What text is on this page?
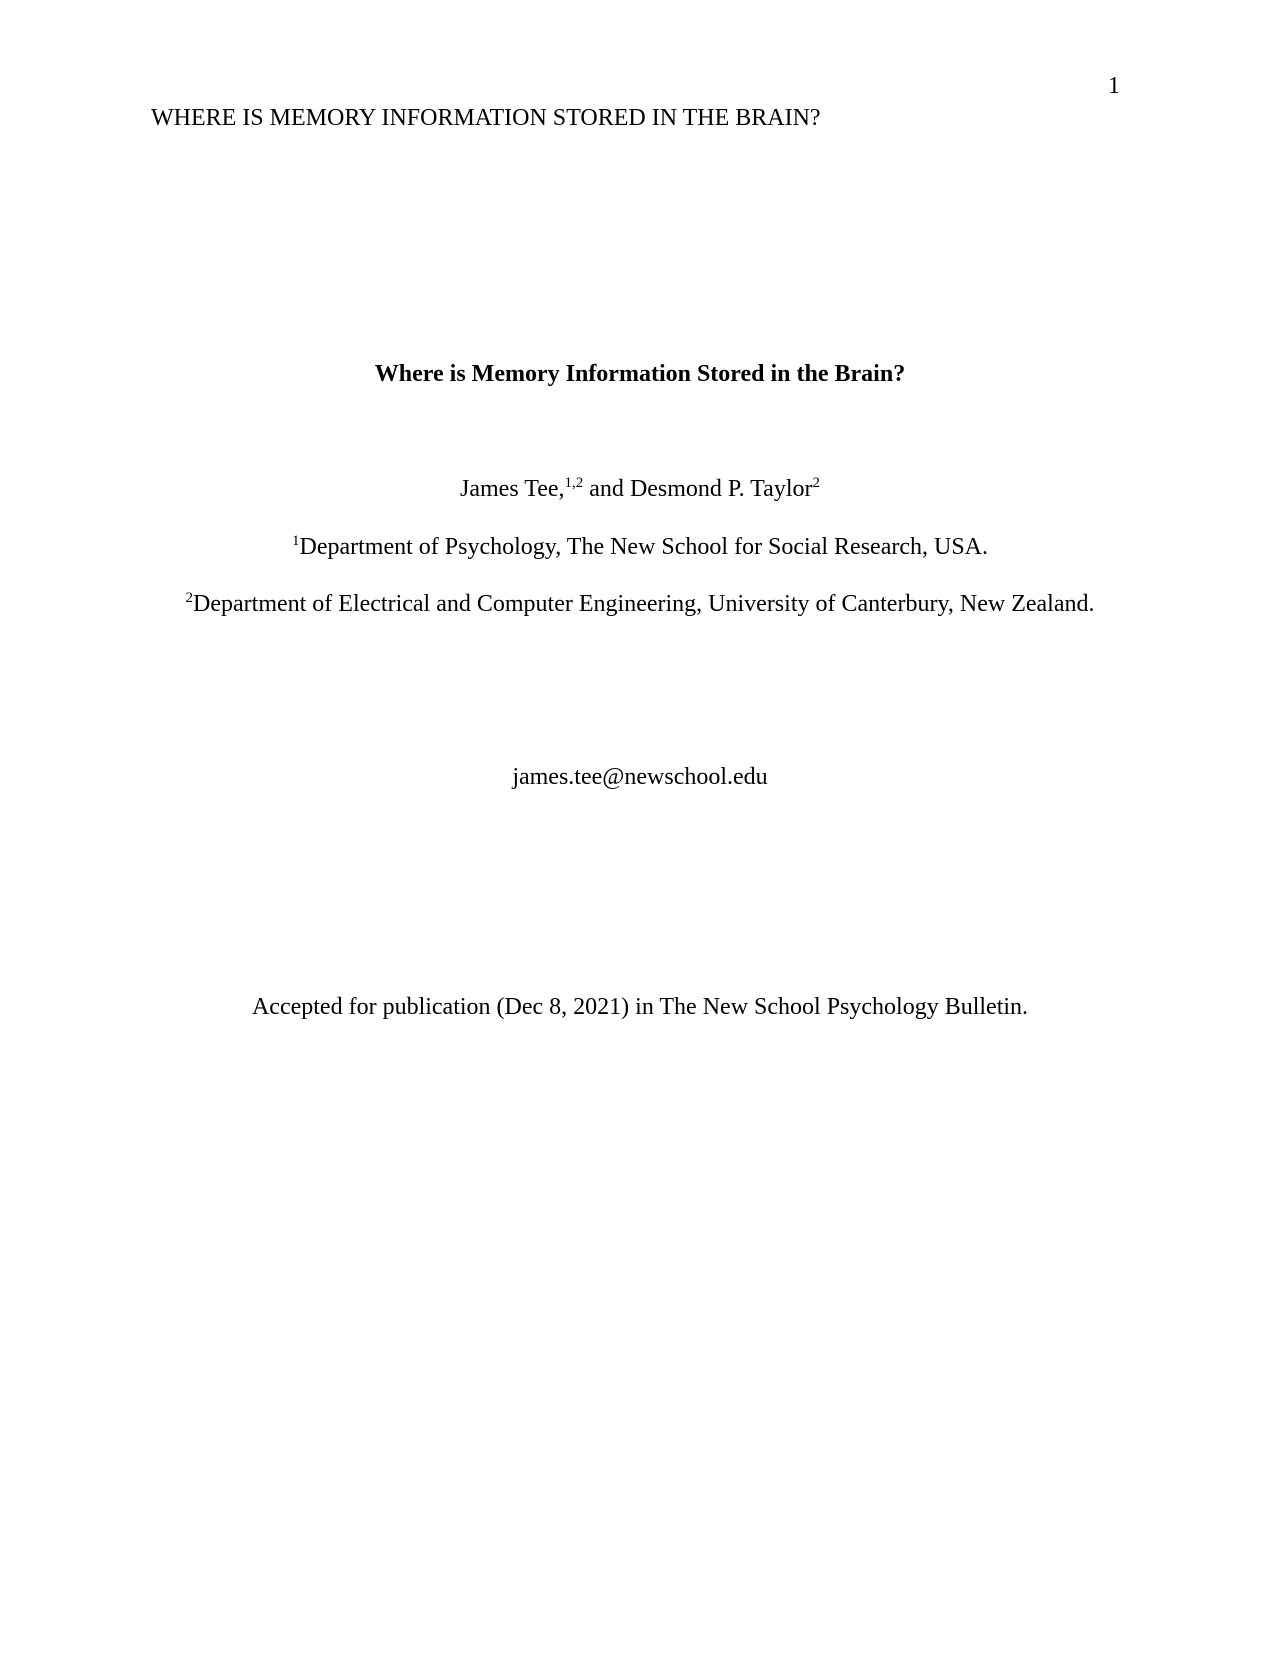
1
WHERE IS MEMORY INFORMATION STORED IN THE BRAIN?
Where is Memory Information Stored in the Brain?
James Tee,$^{1,2}$ and Desmond P. Taylor$^2$
$^1$Department of Psychology, The New School for Social Research, USA.
$^2$Department of Electrical and Computer Engineering, University of Canterbury, New Zealand.
james.tee@newschool.edu
Accepted for publication (Dec 8, 2021) in The New School Psychology Bulletin.
